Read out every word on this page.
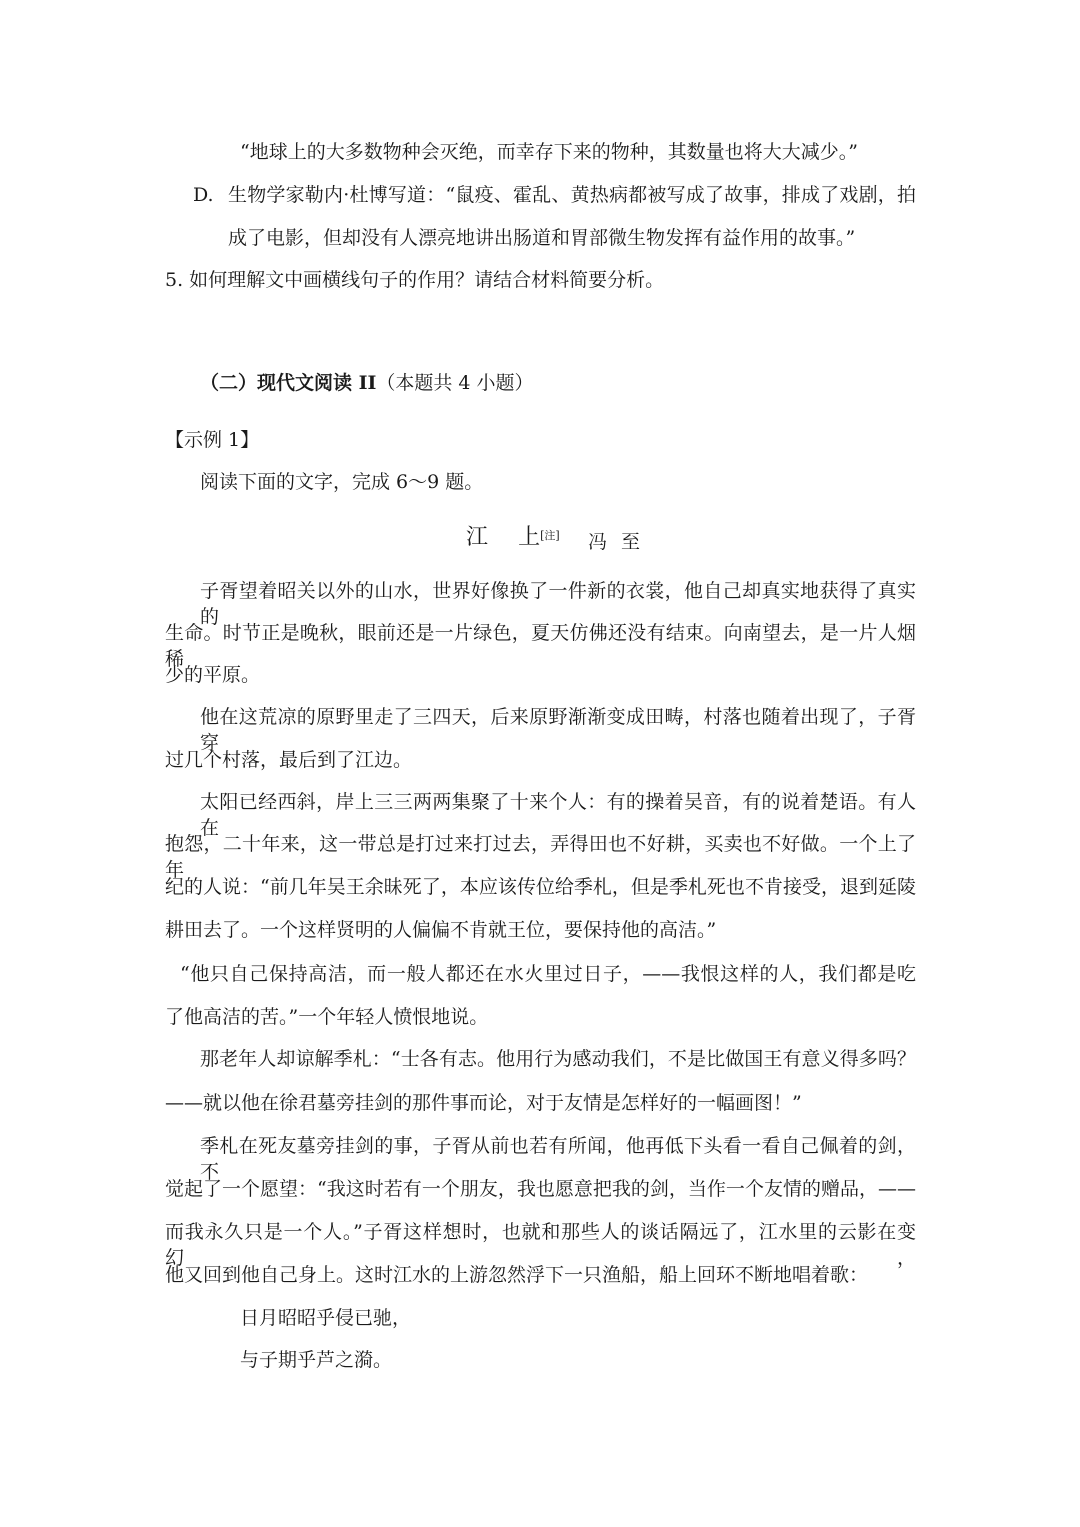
“地球上的大多数物种会灭绝，而幸存下来的物种，其数量也将大大减少。”
D. 生物学家勒内·杜博写道：“鼠疫、霍乱、黄热病都被写成了故事，排成了戏剧，拍
成了电影，但却没有人漂亮地讲出肠道和胃部微生物发挥有益作用的故事。”
5. 如何理解文中画横线句子的作用？请结合材料简要分析。
（二）现代文阅读 II（本题共 4 小题）
【示例 1】
阅读下面的文字，完成 6～9 题。
江 上[注] 冯至
子胥望着昭关以外的山水，世界好像换了一件新的衣裳，他自己却真实地获得了真实的
生命。时节正是晚秋，眼前还是一片绿色，夏天仿佛还没有结束。向南望去，是一片人烟稀
少的平原。
他在这荒凉的原野里走了三四天，后来原野渐渐变成田畴，村落也随着出现了，子胥穿
过几个村落，最后到了江边。
太阳已经西斜，岸上三三两两集聚了十来个人：有的操着吴音，有的说着楚语。有人在
抱怨，二十年来，这一带总是打过来打过去，弄得田也不好耕，买卖也不好做。一个上了年
纪的人说：“前几年吴王余昧死了，本应该传位给季札，但是季札死也不肯接受，退到延陵
耕田去了。一个这样贤明的人偏偏不肯就王位，要保持他的高洁。”
“他只自己保持高洁，而一般人都还在水火里过日子，——我恨这样的人，我们都是吃
了他高洁的苦。”一个年轻人愤恨地说。
那老年人却谅解季札：“士各有志。他用行为感动我们，不是比做国王有意义得多吗？
——就以他在徐君墓旁挂剑的那件事而论，对于友情是怎样好的一幅画图！”
季札在死友墓旁挂剑的事，子胥从前也若有所闻，他再低下头看一看自己佩着的剑，不
觉起了一个愿望：“我这时若有一个朋友，我也愿意把我的剑，当作一个友情的赠品，——
而我永久只是一个人。”子胥这样想时，也就和那些人的谈话隔远了，江水里的云影在变幻，
他又回到他自己身上。这时江水的上游忽然浮下一只渔船，船上回环不断地唱着歌：
日月昭昭乎侵已驰，
与子期乎芦之漪。
